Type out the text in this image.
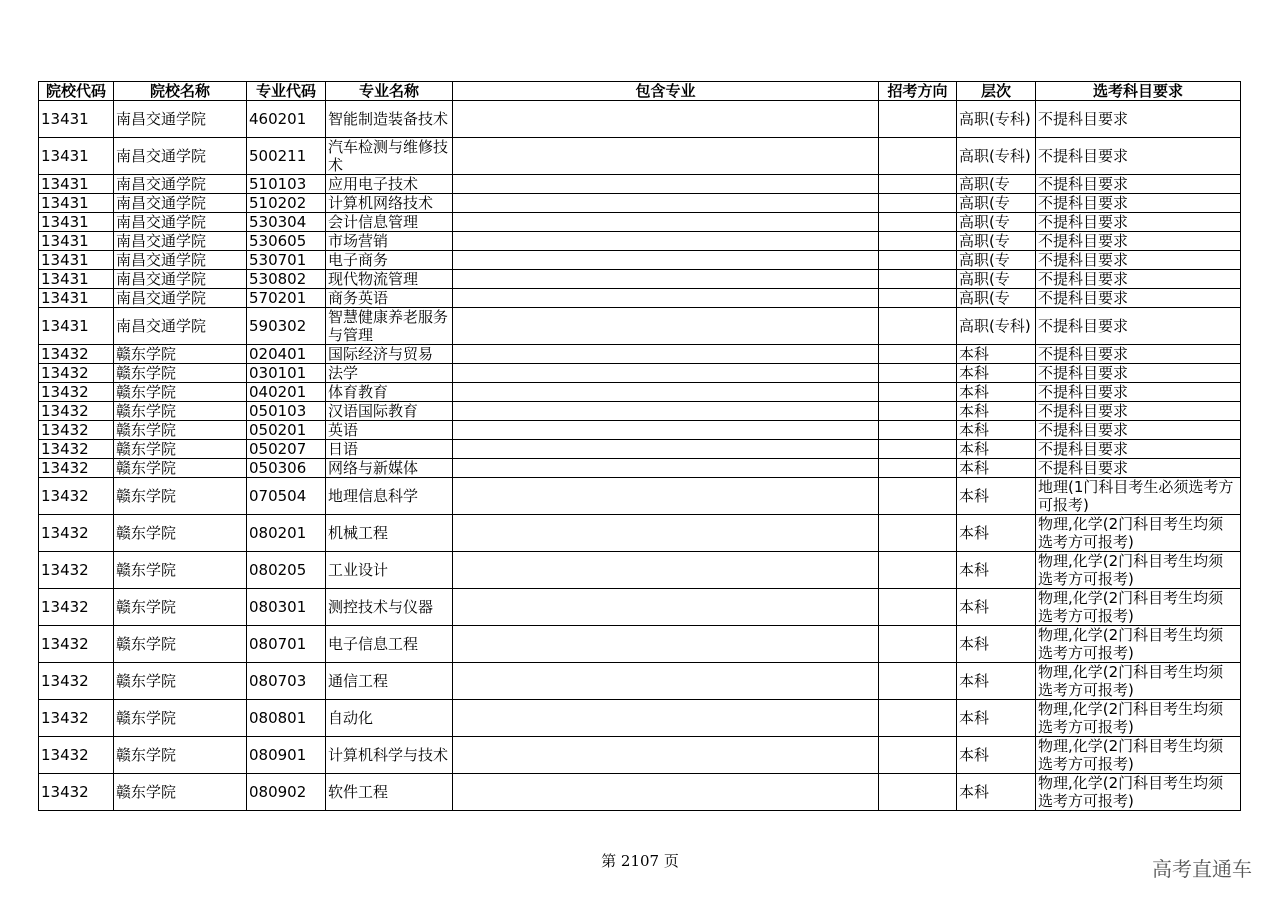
院校代码	院校名称	专业代码	专业名称	包含专业	招考方向	层次	选考科目要求
13431	南昌交通学院	460201	智能制造装备技术			高职(专科)	不提科目要求
13431	南昌交通学院	500211	汽车检测与维修技术			高职(专科)	不提科目要求
13431	南昌交通学院	510103	应用电子技术			高职(专	不提科目要求
13431	南昌交通学院	510202	计算机网络技术			高职(专	不提科目要求
13431	南昌交通学院	530304	会计信息管理			高职(专	不提科目要求
13431	南昌交通学院	530605	市场营销			高职(专	不提科目要求
13431	南昌交通学院	530701	电子商务			高职(专	不提科目要求
13431	南昌交通学院	530802	现代物流管理			高职(专	不提科目要求
13431	南昌交通学院	570201	商务英语			高职(专	不提科目要求
13431	南昌交通学院	590302	智慧健康养老服务与管理			高职(专科)	不提科目要求
13432	赣东学院	020401	国际经济与贸易			本科	不提科目要求
13432	赣东学院	030101	法学			本科	不提科目要求
13432	赣东学院	040201	体育教育			本科	不提科目要求
13432	赣东学院	050103	汉语国际教育			本科	不提科目要求
13432	赣东学院	050201	英语			本科	不提科目要求
13432	赣东学院	050207	日语			本科	不提科目要求
13432	赣东学院	050306	网络与新媒体			本科	不提科目要求
13432	赣东学院	070504	地理信息科学			本科	地理(1门科目考生必须选考方可报考)
13432	赣东学院	080201	机械工程			本科	物理,化学(2门科目考生均须选考方可报考)
13432	赣东学院	080205	工业设计			本科	物理,化学(2门科目考生均须选考方可报考)
13432	赣东学院	080301	测控技术与仪器			本科	物理,化学(2门科目考生均须选考方可报考)
13432	赣东学院	080701	电子信息工程			本科	物理,化学(2门科目考生均须选考方可报考)
13432	赣东学院	080703	通信工程			本科	物理,化学(2门科目考生均须选考方可报考)
13432	赣东学院	080801	自动化			本科	物理,化学(2门科目考生均须选考方可报考)
13432	赣东学院	080901	计算机科学与技术			本科	物理,化学(2门科目考生均须选考方可报考)
13432	赣东学院	080902	软件工程			本科	物理,化学(2门科目考生均须选考方可报考)
第 2107 页	高考直通车
